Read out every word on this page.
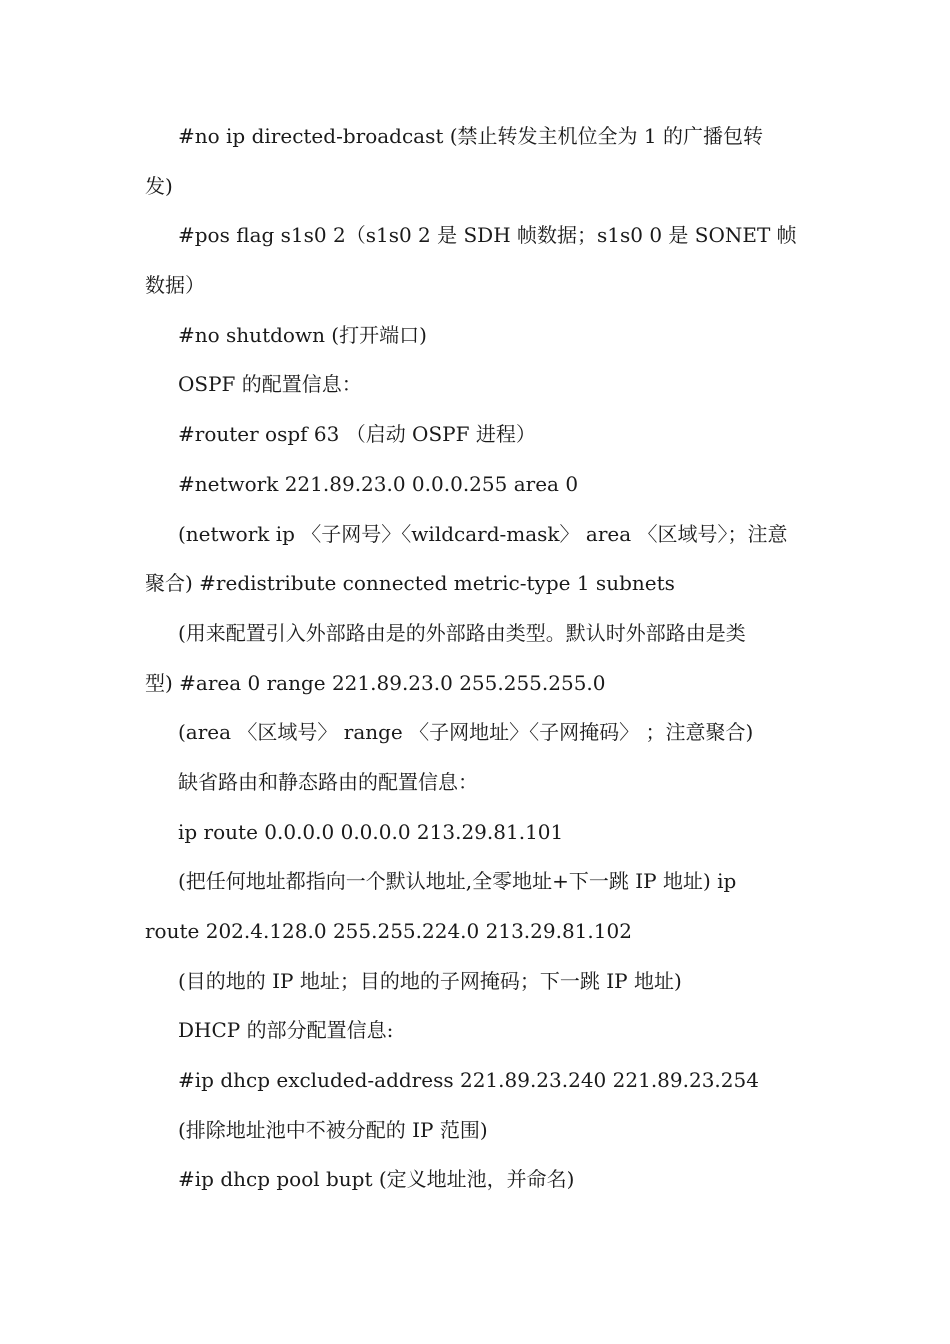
#no ip directed-broadcast (禁止转发主机位全为 1 的广播包转
发)
#pos flag s1s0 2（s1s0 2 是 SDH 帧数据；s1s0 0 是 SONET 帧
数据）
#no shutdown (打开端口)
OSPF 的配置信息：
#router ospf 63 （启动 OSPF 进程）
#network 221.89.23.0 0.0.0.255 area 0
(network ip 〈子网号〉〈wildcard-mask〉 area 〈区域号〉；注意
聚合) #redistribute connected metric-type 1 subnets
(用来配置引入外部路由是的外部路由类型。默认时外部路由是类
型) #area 0 range 221.89.23.0 255.255.255.0
(area 〈区域号〉 range 〈子网地址〉〈子网掩码〉 ；注意聚合)
缺省路由和静态路由的配置信息：
ip route 0.0.0.0 0.0.0.0 213.29.81.101
(把任何地址都指向一个默认地址,全零地址+下一跳 IP 地址) ip
route 202.4.128.0 255.255.224.0 213.29.81.102
(目的地的 IP 地址；目的地的子网掩码；下一跳 IP 地址)
DHCP 的部分配置信息:
#ip dhcp excluded-address 221.89.23.240 221.89.23.254
(排除地址池中不被分配的 IP 范围)
#ip dhcp pool bupt (定义地址池，并命名)
